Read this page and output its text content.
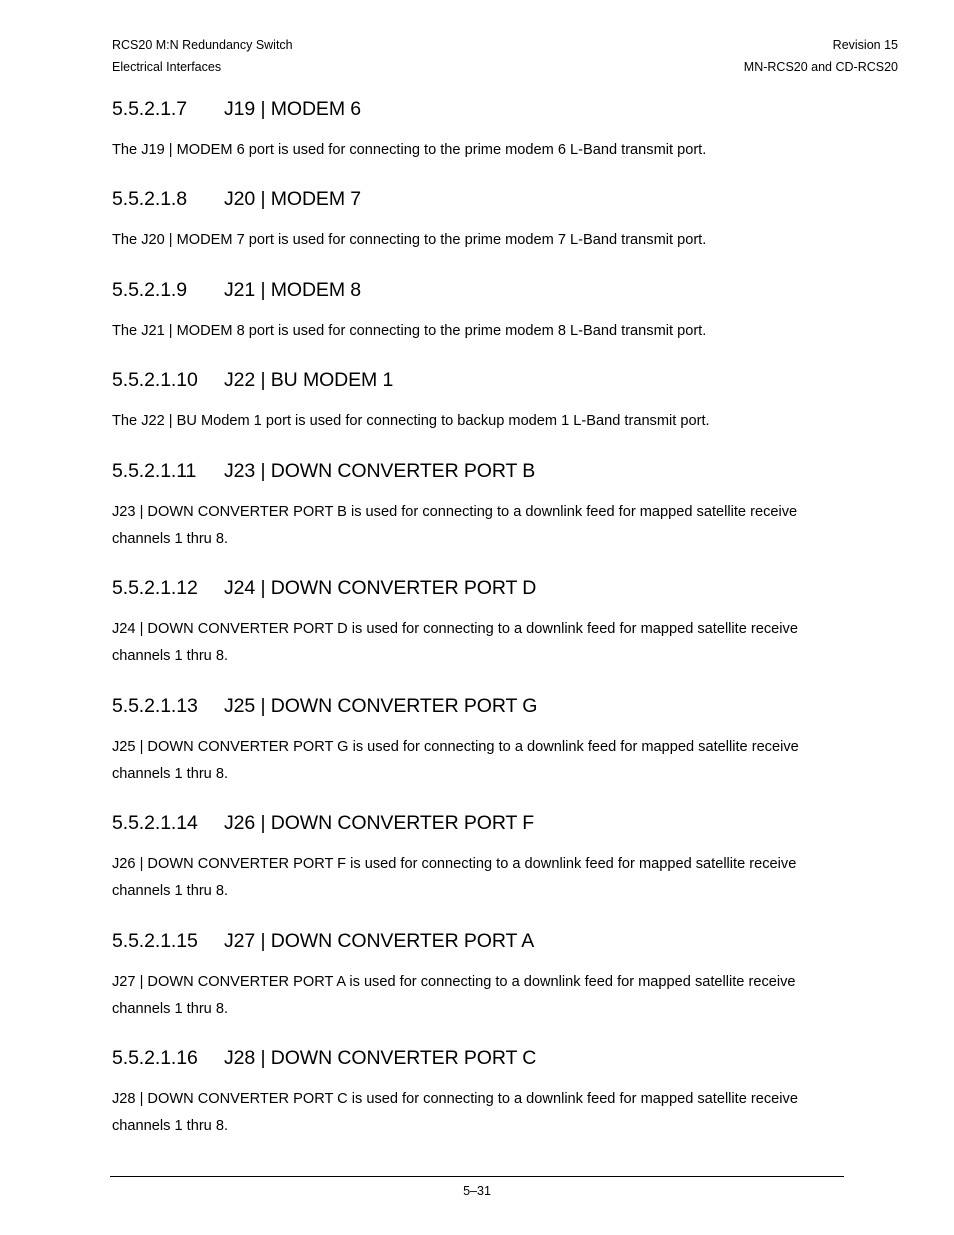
RCS20 M:N Redundancy Switch
Electrical Interfaces
Revision 15
MN-RCS20 and CD-RCS20
5.5.2.1.7 J19 | MODEM 6

The J19 | MODEM 6 port is used for connecting to the prime modem 6 L-Band transmit port.

5.5.2.1.8 J20 | MODEM 7

The J20 | MODEM 7 port is used for connecting to the prime modem 7 L-Band transmit port.

5.5.2.1.9 J21 | MODEM 8

The J21 | MODEM 8 port is used for connecting to the prime modem 8 L-Band transmit port.

5.5.2.1.10 J22 | BU MODEM 1

The J22 | BU Modem 1 port is used for connecting to backup modem 1 L-Band transmit port.

5.5.2.1.11 J23 | DOWN CONVERTER PORT B

J23 | DOWN CONVERTER PORT B is used for connecting to a downlink feed for mapped satellite receive channels 1 thru 8.

5.5.2.1.12 J24 | DOWN CONVERTER PORT D

J24 | DOWN CONVERTER PORT D is used for connecting to a downlink feed for mapped satellite receive channels 1 thru 8.

5.5.2.1.13 J25 | DOWN CONVERTER PORT G

J25 | DOWN CONVERTER PORT G is used for connecting to a downlink feed for mapped satellite receive channels 1 thru 8.

5.5.2.1.14 J26 | DOWN CONVERTER PORT F

J26 | DOWN CONVERTER PORT F is used for connecting to a downlink feed for mapped satellite receive channels 1 thru 8.

5.5.2.1.15 J27 | DOWN CONVERTER PORT A

J27 | DOWN CONVERTER PORT A is used for connecting to a downlink feed for mapped satellite receive channels 1 thru 8.

5.5.2.1.16 J28 | DOWN CONVERTER PORT C

J28 | DOWN CONVERTER PORT C is used for connecting to a downlink feed for mapped satellite receive channels 1 thru 8.

5–31
